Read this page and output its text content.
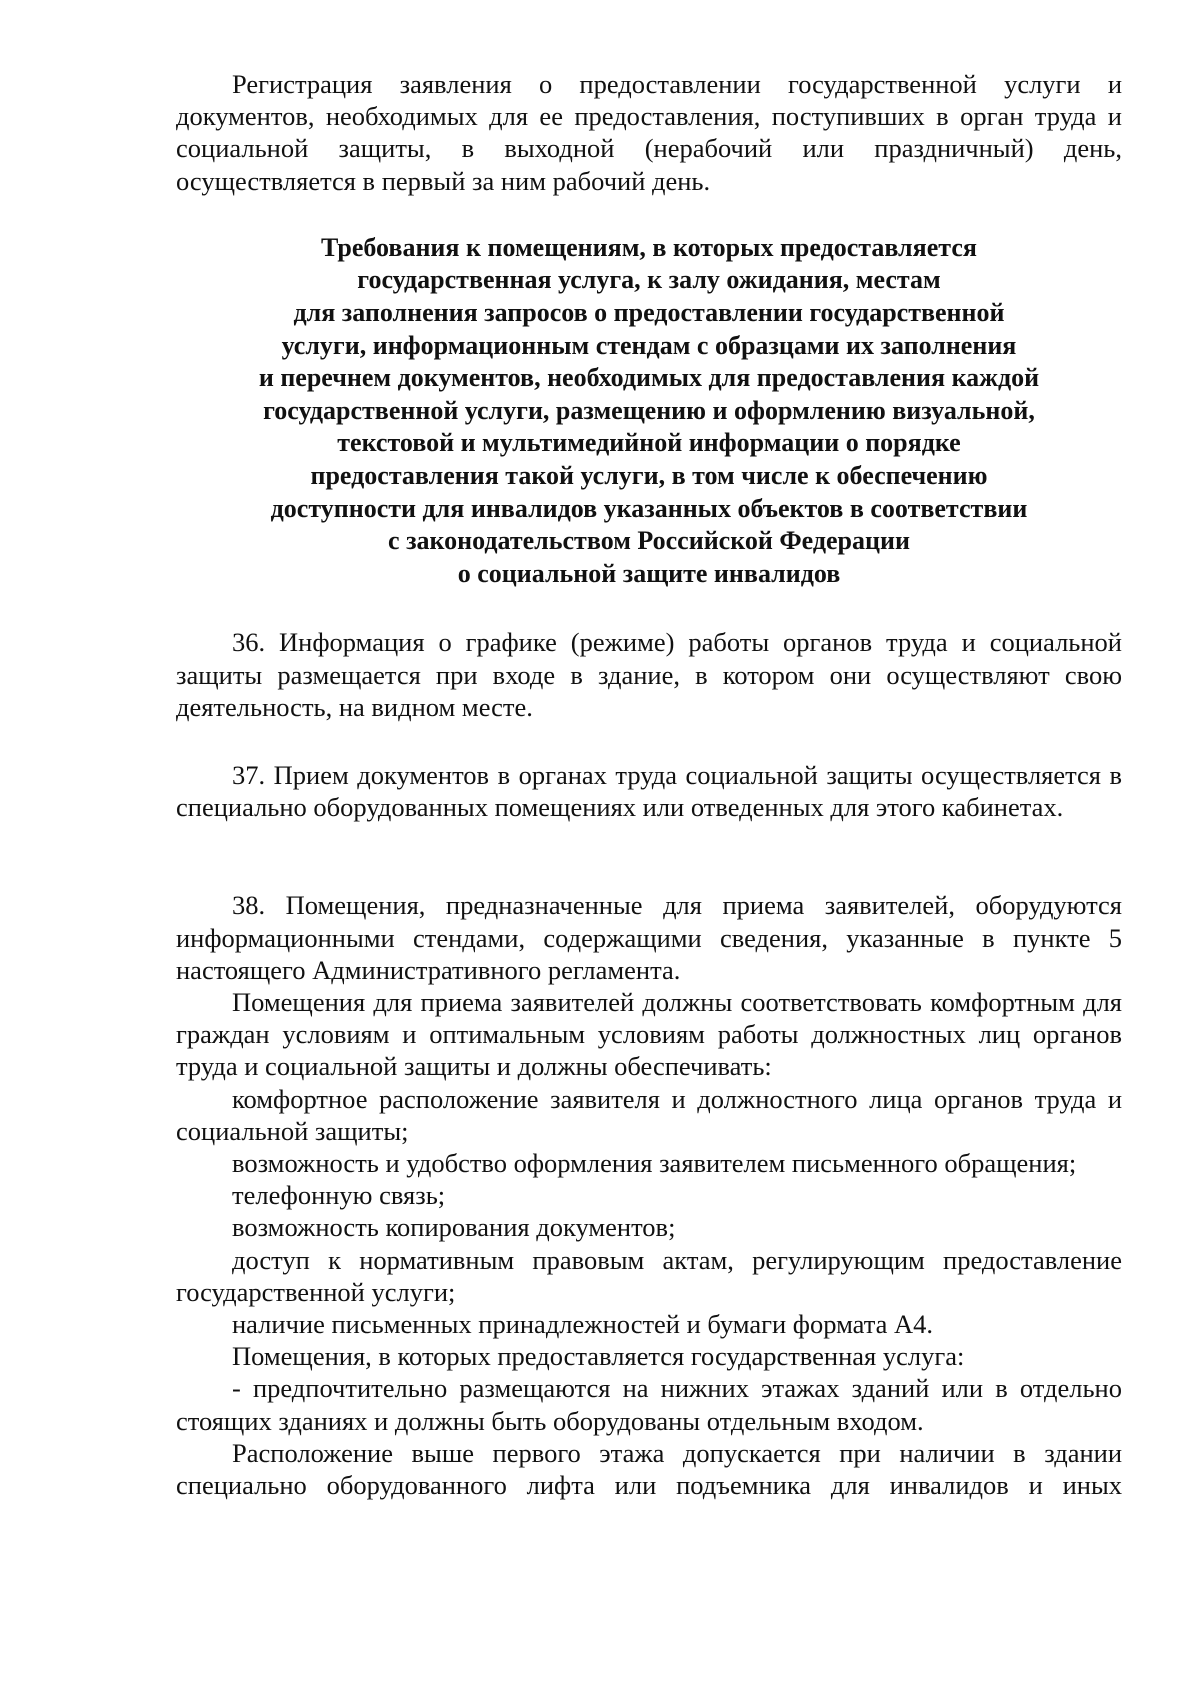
Регистрация заявления о предоставлении государственной услуги и документов, необходимых для ее предоставления, поступивших в орган труда и социальной защиты, в выходной (нерабочий или праздничный) день, осуществляется в первый за ним рабочий день.

Требования к помещениям, в которых предоставляется
государственная услуга, к залу ожидания, местам
для заполнения запросов о предоставлении государственной
услуги, информационным стендам с образцами их заполнения
и перечнем документов, необходимых для предоставления каждой
государственной услуги, размещению и оформлению визуальной,
текстовой и мультимедийной информации о порядке
предоставления такой услуги, в том числе к обеспечению
доступности для инвалидов указанных объектов в соответствии
с законодательством Российской Федерации
о социальной защите инвалидов

36. Информация о графике (режиме) работы органов труда и социальной защиты размещается при входе в здание, в котором они осуществляют свою деятельность, на видном месте.

37. Прием документов в органах труда социальной защиты осуществляется в специально оборудованных помещениях или отведенных для этого кабинетах.

38. Помещения, предназначенные для приема заявителей, оборудуются информационными стендами, содержащими сведения, указанные в пункте 5 настоящего Административного регламента.

Помещения для приема заявителей должны соответствовать комфортным для граждан условиям и оптимальным условиям работы должностных лиц органов труда и социальной защиты и должны обеспечивать:

комфортное расположение заявителя и должностного лица органов труда и социальной защиты;

возможность и удобство оформления заявителем письменного обращения;

телефонную связь;

возможность копирования документов;

доступ к нормативным правовым актам, регулирующим предоставление государственной услуги;

наличие письменных принадлежностей и бумаги формата А4.

Помещения, в которых предоставляется государственная услуга:

- предпочтительно размещаются на нижних этажах зданий или в отдельно стоящих зданиях и должны быть оборудованы отдельным входом.

Расположение выше первого этажа допускается при наличии в здании специально оборудованного лифта или подъемника для инвалидов и иных
